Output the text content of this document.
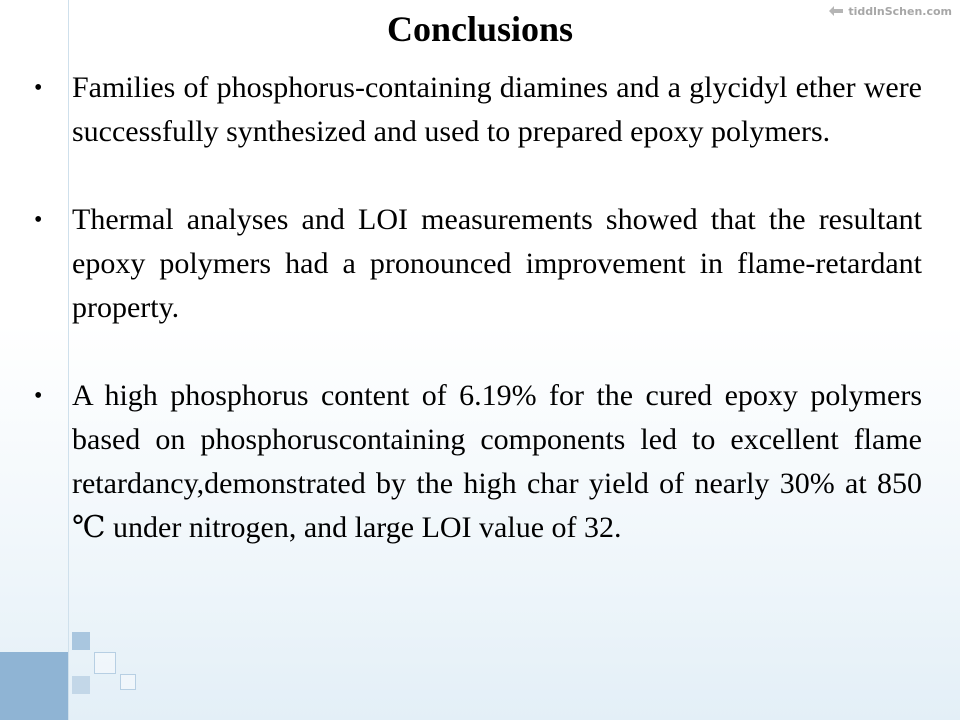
tiddlnSchen.com
Conclusions
• Families of phosphorus-containing diamines and a glycidyl ether were successfully synthesized and used to prepared epoxy polymers.
• Thermal analyses and LOI measurements showed that the resultant epoxy polymers had a pronounced improvement in flame-retardant property.
• A high phosphorus content of 6.19% for the cured epoxy polymers based on phosphoruscontaining components led to excellent flame retardancy,demonstrated by the high char yield of nearly 30% at 850 ℃ under nitrogen, and large LOI value of 32.
